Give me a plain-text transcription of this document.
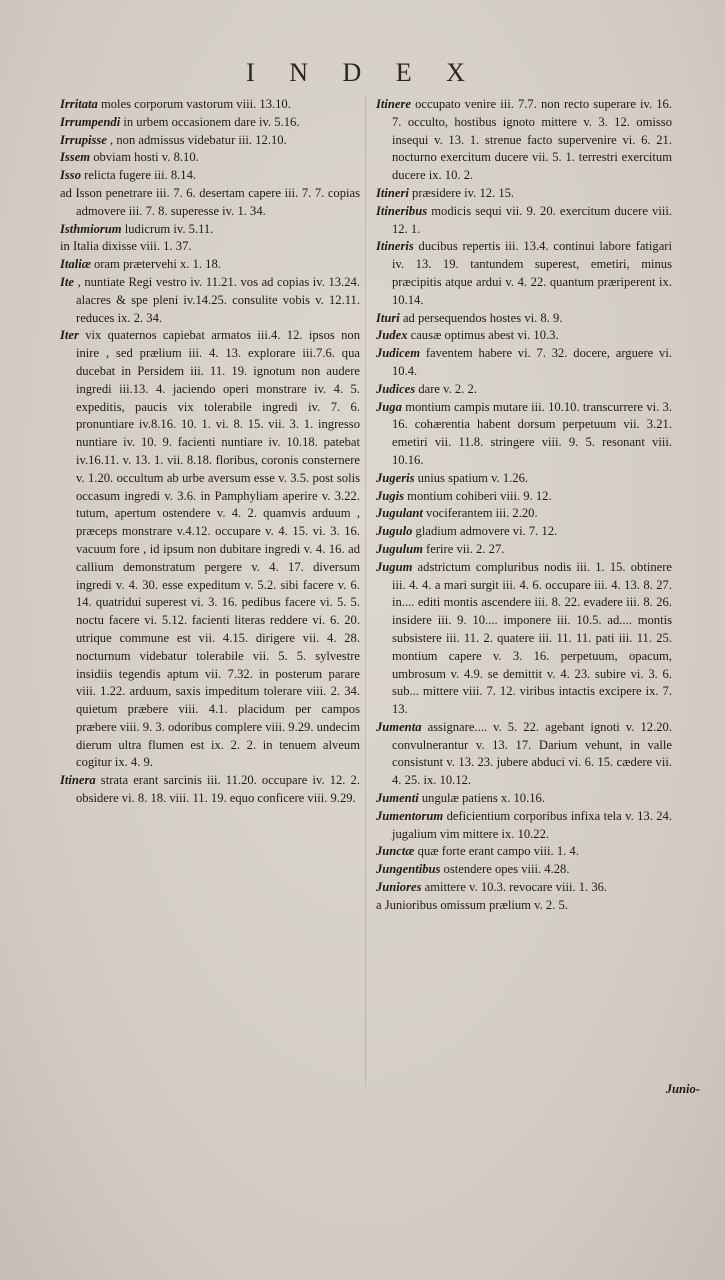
I N D E X

Irritata moles corporum vastorum viii. 13.10.

Irrumpendi in urbem occasionem dare iv. 5.16.

Irrupisse , non admissus videbatur iii. 12.10.

Issem obviam hosti v. 8.10.

Isso relicta fugere iii. 8.14.

ad Isson penetrare iii. 7. 6. desertam capere iii. 7. 7. copias admovere iii. 7. 8. superesse iv. 1. 34.

Isthmiorum ludicrum iv. 5.11.

in Italia dixisse viii. 1. 37.

Italiæ oram prætervehi x. 1. 18.

Ite , nuntiate Regi vestro iv. 11.21. vos ad copias iv. 13.24. alacres & spe pleni iv.14.25. consulite vobis v. 12.11. reduces ix. 2. 34.

Iter vix quaternos capiebat armatos iii.4. 12. ipsos non inire , sed prælium iii. 4. 13. explorare iii.7.6. qua ducebat in Persidem iii. 11. 19. ignotum non audere ingredi iii.13. 4. jaciendo operi monstrare iv. 4. 5. expeditis, paucis vix tolerabile ingredi iv. 7. 6. pronuntiare iv.8.16. 10. 1. vi. 8. 15. vii. 3. 1. ingresso nuntiare iv. 10. 9. facienti nuntiare iv. 10.18. patebat iv.16.11. v. 13. 1. vii. 8.18. floribus, coronis consternere v. 1.20. occultum ab urbe aversum esse v. 3.5. post solis occasum ingredi v. 3.6. in Pamphyliam aperire v. 3.22. tutum, apertum ostendere v. 4. 2. quamvis arduum , præceps monstrare v.4.12. occupare v. 4. 15. vi. 3. 16. vacuum fore , id ipsum non dubitare ingredi v. 4. 16. ad callium demonstratum pergere v. 4. 17. diversum ingredi v. 4. 30. esse expeditum v. 5.2. sibi facere v. 6. 14. quatridui superest vi. 3. 16. pedibus facere vi. 5. 5. noctu facere vi. 5.12. facienti literas reddere vi. 6. 20. utrique commune est vii. 4.15. dirigere vii. 4. 28. nocturnum videbatur tolerabile vii. 5. 5. sylvestre insidiis tegendis aptum vii. 7.32. in posterum parare viii. 1.22. arduum, saxis impeditum tolerare viii. 2. 34. quietum præbere viii. 4.1. placidum per campos præbere viii. 9. 3. odoribus complere viii. 9.29. undecim dierum ultra flumen est ix. 2. 2. in tenuem alveum cogitur ix. 4. 9.

Itinera strata erant sarcinis iii. 11.20. occupare iv. 12. 2. obsidere vi. 8. 18. viii. 11. 19. equo conficere viii. 9.29.

Itinere occupato venire iii. 7.7. non recto superare iv. 16. 7. occulto, hostibus ignoto mittere v. 3. 12. omisso insequi v. 13. 1. strenue facto supervenire vi. 6. 21. nocturno exercitum ducere vii. 5. 1. terrestri exercitum ducere ix. 10. 2.

Itineri præsidere iv. 12. 15.

Itineribus modicis sequi vii. 9. 20. exercitum ducere viii. 12. 1.

Itineris ducibus repertis iii. 13.4. continui labore fatigari iv. 13. 19. tantundem superest, emetiri, minus præcipitis atque ardui v. 4. 22. quantum præriperent ix. 10.14.

Ituri ad persequendos hostes vi. 8. 9.

Judex causæ optimus abest vi. 10.3.

Judicem faventem habere vi. 7. 32. docere, arguere vi. 10.4.

Judices dare v. 2. 2.

Juga montium campis mutare iii. 10.10. transcurrere vi. 3. 16. cohærentia habent dorsum perpetuum vii. 3.21. emetiri vii. 11.8. stringere viii. 9. 5. resonant viii. 10.16.

Jugeris unius spatium v. 1.26.

Jugis montium cohiberi viii. 9. 12.

Jugulant vociferantem iii. 2.20.

Jugulo gladium admovere vi. 7. 12.

Jugulum ferire vii. 2. 27.

Jugum adstrictum compluribus nodis iii. 1. 15. obtinere iii. 4. 4. a mari surgit iii. 4. 6. occupare iii. 4. 13. 8. 27. in.... editi montis ascendere iii. 8. 22. evadere iii. 8. 26. insidere iii. 9. 10.... imponere iii. 10.5. ad.... montis subsistere iii. 11. 2. quatere iii. 11. 11. pati iii. 11. 25. montium capere v. 3. 16. perpetuum, opacum, umbrosum v. 4.9. se demittit v. 4. 23. subire vi. 3. 6. sub... mittere viii. 7. 12. viribus intactis excipere ix. 7. 13.

Jumenta assignare.... v. 5. 22. agebant ignoti v. 12.20. convulnerantur v. 13. 17. Darium vehunt, in valle consistunt v. 13. 23. jubere abduci vi. 6. 15. cædere vii. 4. 25. ix. 10.12.

Jumenti ungulæ patiens x. 10.16.

Jumentorum deficientium corporibus infixa tela v. 13. 24. jugalium vim mittere ix. 10.22.

Junctæ quæ forte erant campo viii. 1. 4.

Jungentibus ostendere opes viii. 4.28.

Juniores amittere v. 10.3. revocare viii. 1. 36.

a Junioribus omissum prælium v. 2. 5.

Junio-
